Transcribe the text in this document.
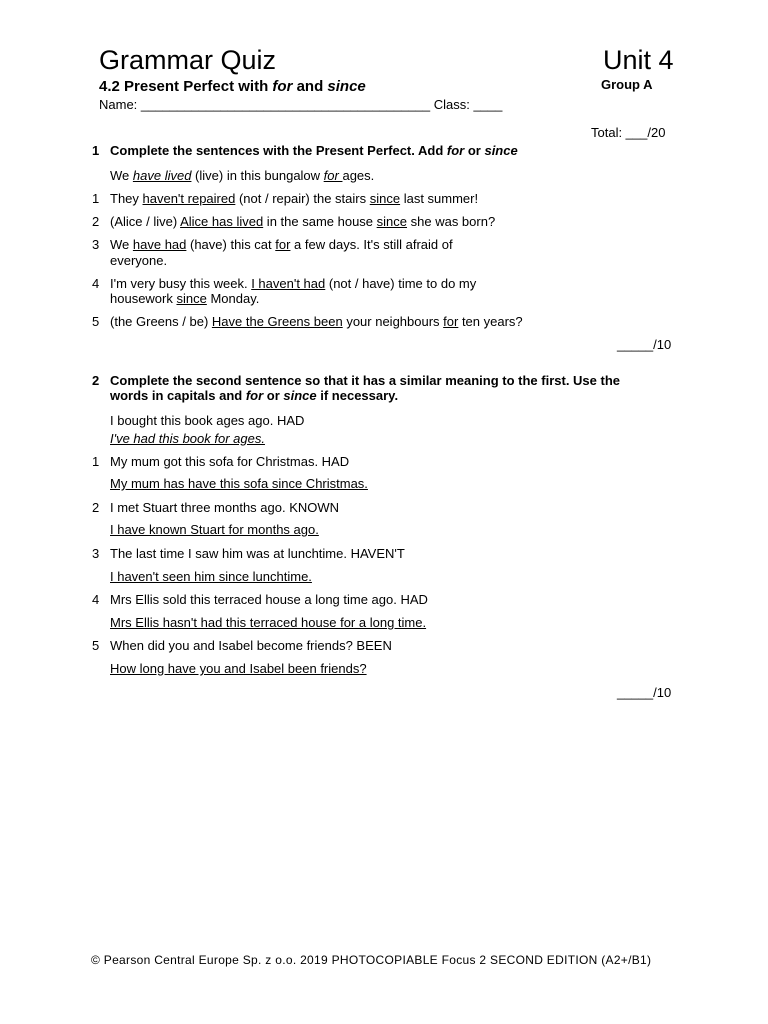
Grammar Quiz	Unit 4
4.2 Present Perfect with for and since	Group A
Name: ________________________________________ Class: ____
Total: ___/20
1 Complete the sentences with the Present Perfect. Add for or since
We have lived (live) in this bungalow for ages.
1 They haven't repaired (not / repair) the stairs since last summer!
2 (Alice / live) Alice has lived in the same house since she was born?
3 We have had (have) this cat for a few days. It's still afraid of
everyone.
4 I'm very busy this week. I haven't had (not / have) time to do my
housework since Monday.
5 (the Greens / be) Have the Greens been your neighbours for ten years?
_____/10
2 Complete the second sentence so that it has a similar meaning to the first. Use the
words in capitals and for or since if necessary.
I bought this book ages ago. HAD
I've had this book for ages.
1 My mum got this sofa for Christmas. HAD
My mum has have this sofa since Christmas.
2 I met Stuart three months ago. KNOWN
I have known Stuart for months ago.
3 The last time I saw him was at lunchtime. HAVEN'T
I haven't seen him since lunchtime.
4 Mrs Ellis sold this terraced house a long time ago. HAD
Mrs Ellis hasn't had this terraced house for a long time.
5 When did you and Isabel become friends? BEEN
How long have you and Isabel been friends?
_____/10
© Pearson Central Europe Sp. z o.o. 2019 PHOTOCOPIABLE Focus 2 SECOND EDITION (A2+/B1)
